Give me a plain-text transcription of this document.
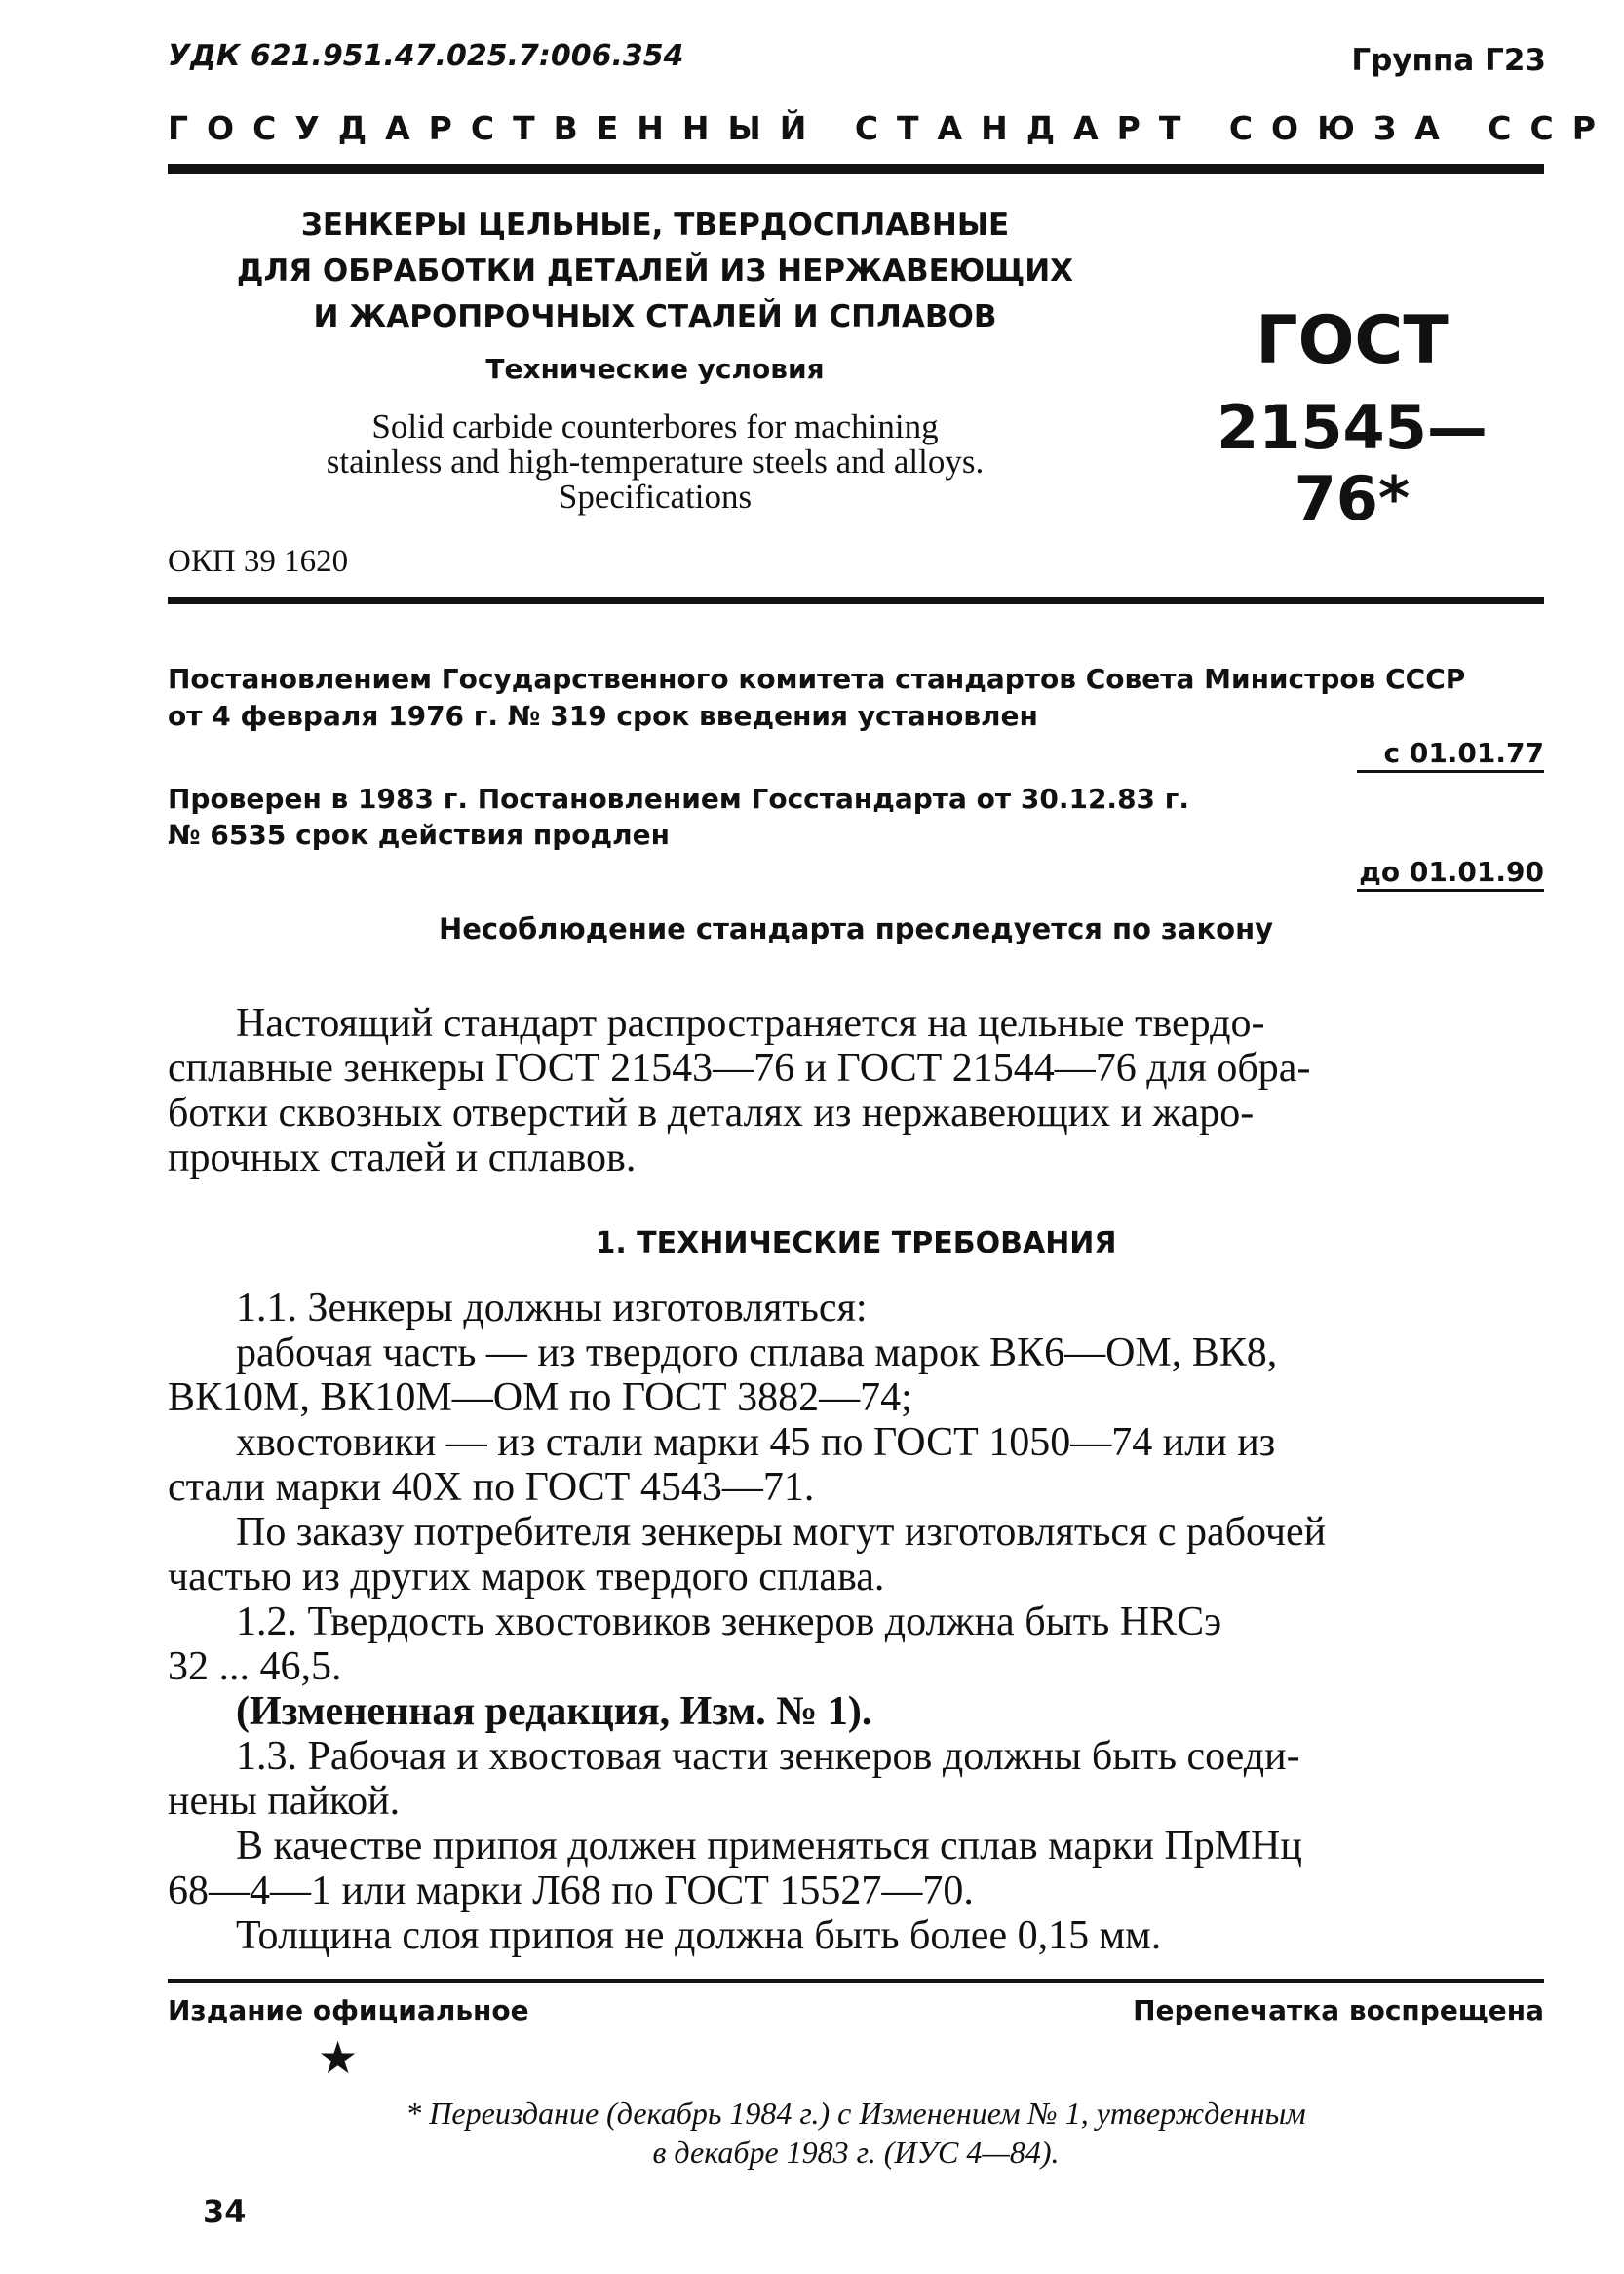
УДК 621.951.47.025.7:006.354	Группа Г23
ГОСУДАРСТВЕННЫЙ СТАНДАРТ СОЮЗА ССР
ЗЕНКЕРЫ ЦЕЛЬНЫЕ, ТВЕРДОСПЛАВНЫЕ
ДЛЯ ОБРАБОТКИ ДЕТАЛЕЙ ИЗ НЕРЖАВЕЮЩИХ
И ЖАРОПРОЧНЫХ СТАЛЕЙ И СПЛАВОВ
Технические условия
Solid carbide counterbores for machining
stainless and high-temperature steels and alloys.
Specifications
ОКП 39 1620
ГОСТ
21545—76*
Постановлением Государственного комитета стандартов Совета Министров СССР
от 4 февраля 1976 г. № 319 срок введения установлен
с 01.01.77
Проверен в 1983 г. Постановлением Госстандарта от 30.12.83 г.
№ 6535 срок действия продлен
до 01.01.90
Несоблюдение стандарта преследуется по закону
Настоящий стандарт распространяется на цельные твердо-
сплавные зенкеры ГОСТ 21543—76 и ГОСТ 21544—76 для обра-
ботки сквозных отверстий в деталях из нержавеющих и жаро-
прочных сталей и сплавов.
1. ТЕХНИЧЕСКИЕ ТРЕБОВАНИЯ
1.1. Зенкеры должны изготовляться:
рабочая часть — из твердого сплава марок ВК6—ОМ, ВК8,
ВК10М, ВК10М—ОМ по ГОСТ 3882—74;
хвостовики — из стали марки 45 по ГОСТ 1050—74 или из
стали марки 40Х по ГОСТ 4543—71.
По заказу потребителя зенкеры могут изготовляться с рабочей
частью из других марок твердого сплава.
1.2. Твердость хвостовиков зенкеров должна быть HRCэ
32 ... 46,5.
(Измененная редакция, Изм. № 1).
1.3. Рабочая и хвостовая части зенкеров должны быть соеди-
нены пайкой.
В качестве припоя должен применяться сплав марки ПрМНц
68—4—1 или марки Л68 по ГОСТ 15527—70.
Толщина слоя припоя не должна быть более 0,15 мм.
Издание официальное	Перепечатка воспрещена
★
* Переиздание (декабрь 1984 г.) с Изменением № 1, утвержденным
в декабре 1983 г. (ИУС 4—84).
34
